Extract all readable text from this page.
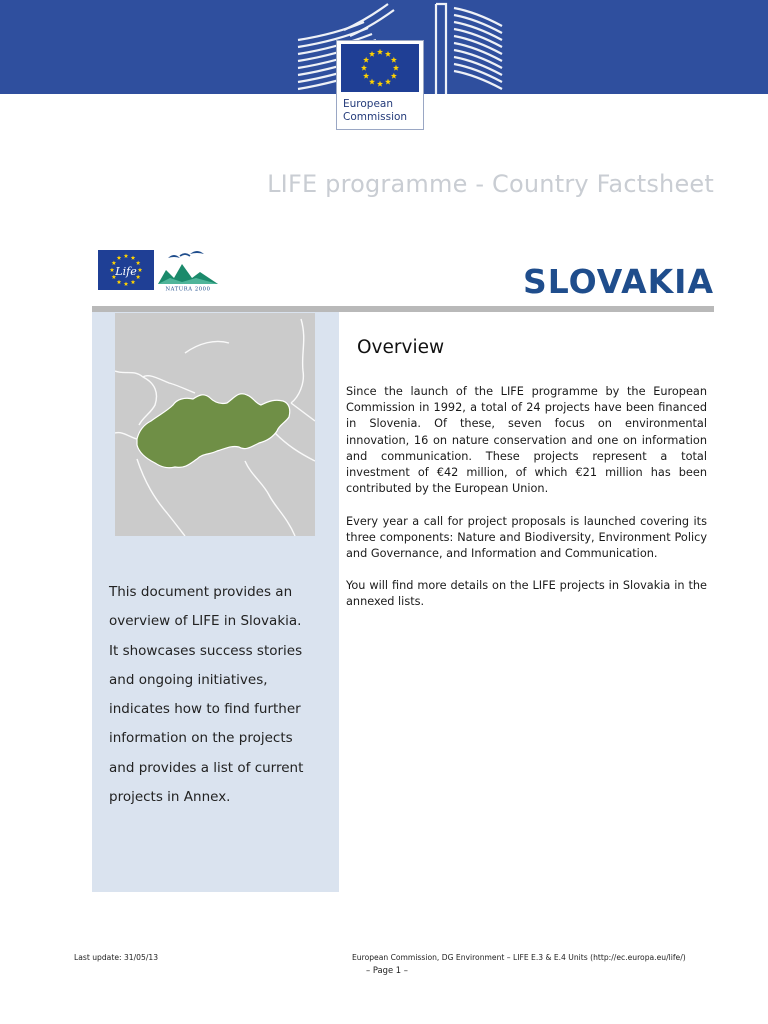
European
Commission
LIFE programme - Country Factsheet
Life
NATURA 2000	SLOVAKIA
This document provides an
overview of LIFE in Slovakia.
It showcases success stories
and ongoing initiatives,
indicates how to find further
information on the projects
and provides a list of current
projects in Annex.
Overview

Since the launch of the LIFE programme by the European Commission in 1992, a total of 24 projects have been financed in Slovenia. Of these, seven focus on environmental innovation, 16 on nature conservation and one on information and communication. These projects represent a total investment of €42 million, of which €21 million has been contributed by the European Union.

Every year a call for project proposals is launched covering its three components: Nature and Biodiversity, Environment Policy and Governance, and Information and Communication.

You will find more details on the LIFE projects in Slovakia in the annexed lists.

Last update: 31/05/13	European Commission, DG Environment – LIFE E.3 & E.4 Units (http://ec.europa.eu/life/)
– Page 1 –
